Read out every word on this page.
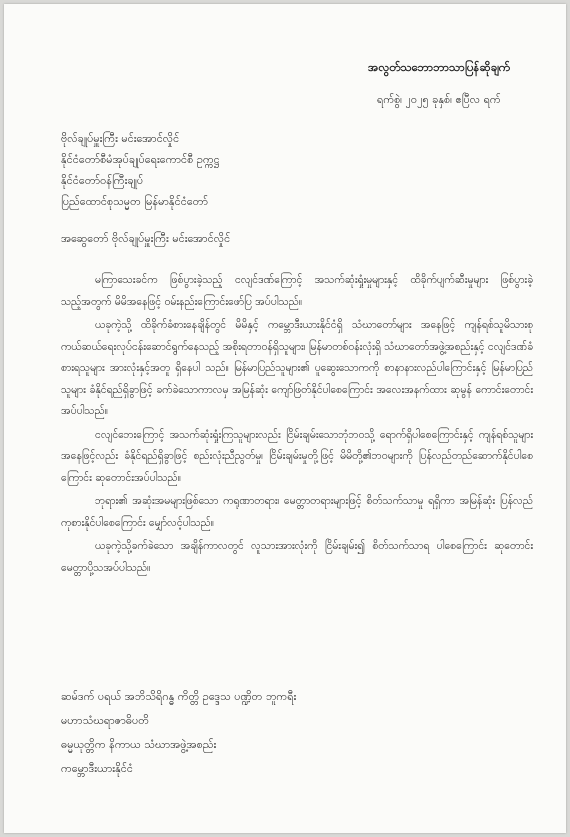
အလွတ်သဘောဘာသာပြန်ဆိုချက်
ရက်စွဲ၊ ၂၀၂၅ ခုနှစ်၊ ဧပြီလ ရက်
ဗိုလ်ချုပ်မှူးကြီး မင်းအောင်လှိုင်
နိုင်ငံတော်စီမံအုပ်ချုပ်ရေးကောင်စီ ဥက္ကဋ္ဌ
နိုင်ငံတော်ဝန်ကြီးချုပ်
ပြည်ထောင်စုသမ္မတ မြန်မာနိုင်ငံတော်
အဆွေတော် ဗိုလ်ချုပ်မှူးကြီး မင်းအောင်လှိုင်

မကြာသေးခင်က ဖြစ်ပွားခဲ့သည့် ငလျင်ဒဏ်ကြောင့် အသက်ဆုံးရှုံးမှုများနှင့် ထိခိုက်ပျက်ဆီးမှုများ ဖြစ်ပွားခဲ့သည့်အတွက် မိမိအနေဖြင့် ဝမ်းနည်းကြောင်းဖော်ပြ အပ်ပါသည်။

ယခုကဲ့သို့ ထိခိုက်ခံစားနေချိန်တွင် မိမိနှင့် ကမ္ဘောဒီးယားနိုင်ငံရှိ သံဃာတော်များ အနေဖြင့် ကျန်ရစ်သူမိသားစု ကယ်ဆယ်ရေးလုပ်ငန်းဆောင်ရွက်နေသည့် အစိုးရတာဝန်ရှိသူများ၊ မြန်မာတစ်ဝန်းလုံးရှိ သံဃာတော်အဖွဲ့အစည်းနှင့် ငလျင်ဒဏ်ခံစားရသူများ အားလုံးနှင့်အတူ ရှိနေပါ သည်။ မြန်မာပြည်သူများ၏ ပူဆွေးသောကကို စာနာနားလည်ပါကြောင်းနှင့် မြန်မာပြည်သူများ ခံနိုင်ရည်ရှိခွာဖြင့် ခက်ခဲသောကာလမှ အမြန်ဆုံး ကျော်ဖြတ်နိုင်ပါစေကြောင်း အလေးအနက်ထား ဆုမွန် ကောင်းတောင်းအပ်ပါသည်။

ငလျင်ဘေးကြောင့် အသက်ဆုံးရှုံးကြသူများလည်း ငြိမ်းချမ်းသောဘုံဘဝသို့ ရောက်ရှိပါစေကြောင်းနှင့် ကျန်ရစ်သူများအနေဖြင့်လည်း ခံနိုင်ရည်ရှိခွာဖြင့် စည်းလုံးညီညွတ်မှု၊ ငြိမ်းချမ်းမှုတို့ဖြင့် မိမိတို့၏ဘဝများကို ပြန်လည်တည်ဆောက်နိုင်ပါစေကြောင်း ဆုတောင်းအပ်ပါသည်။

ဘုရား၏ အဆုံးအမများဖြစ်သော ကရုဏာတရား၊ မေတ္တာတရားများဖြင့် စိတ်သက်သာမှု ရရှိကာ အမြန်ဆုံး ပြန်လည်ကုစားနိုင်ပါစေကြောင်း မျှော်လင့်ပါသည်။

ယခုကဲ့သို့ခက်ခဲသော အချိန်ကာလတွင် လူသားအားလုံးကို ငြိမ်းချမ်း၍ စိတ်သက်သာရ ပါစေကြောင်း ဆုတောင်းမေတ္တာပို့သအပ်ပါသည်။

ဆမ်ဒက် ပရယ် အဘိသိရိဂန္ဓ ကိတ္တိ ဥဒ္ဒေသ ပဏ္ဍိတ ဘူကရီး
မဟာသံဃရာဇာဓိပတိ
ဓမ္မယုတ္တိက နိကာယ သံဃာအဖွဲ့အစည်း
ကမ္ဘောဒီးယားနိုင်ငံ
